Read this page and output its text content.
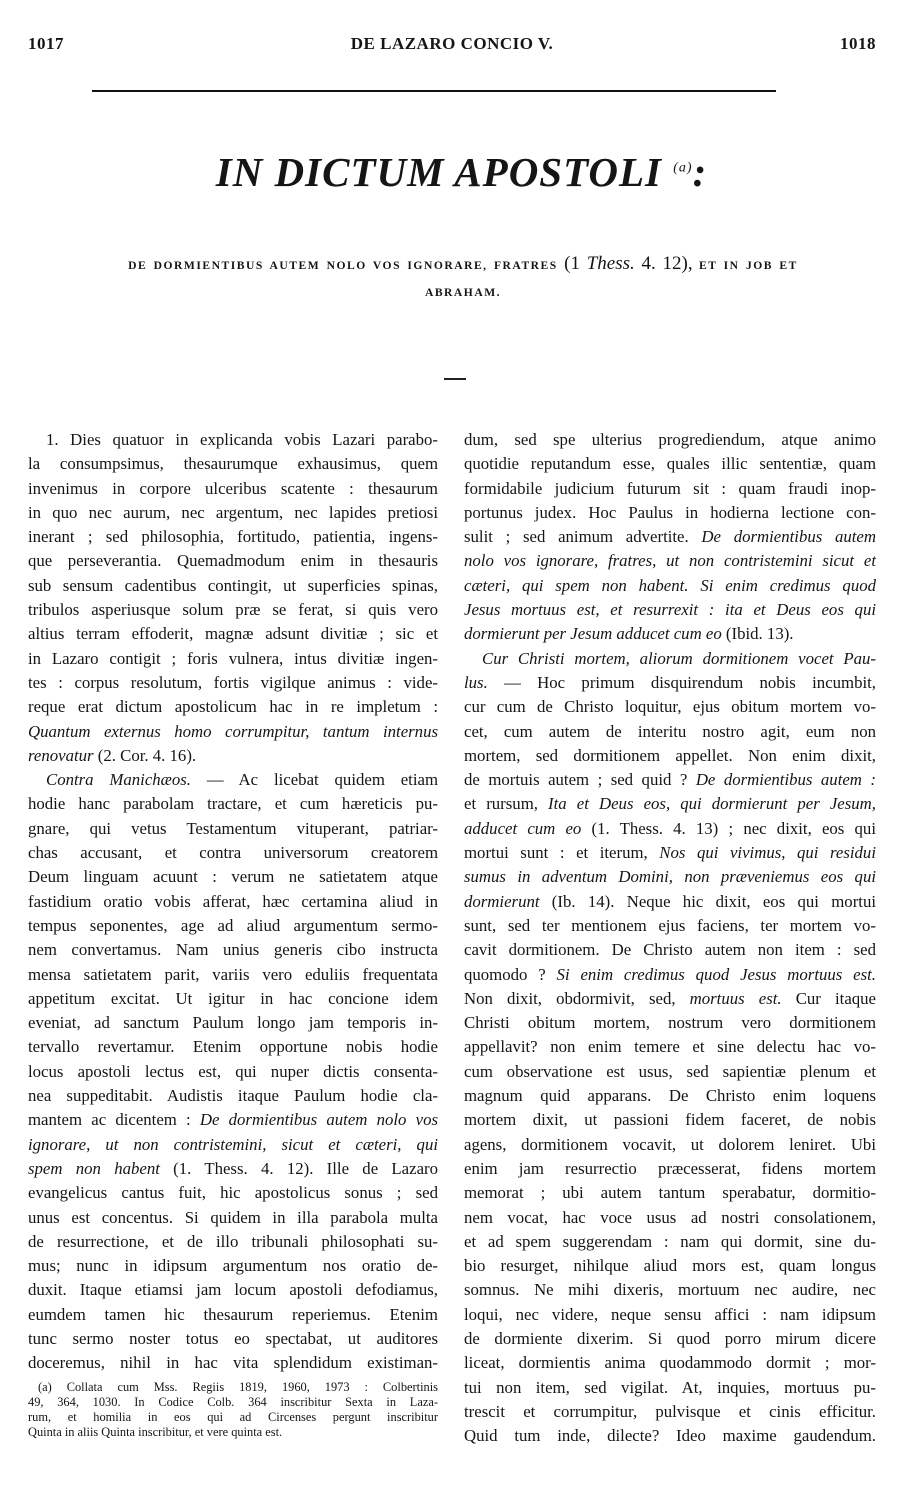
1017	DE LAZARO CONCIO V.	1018
IN DICTUM APOSTOLI $^{(a)}$:
DE DORMIENTIBUS AUTEM NOLO VOS IGNORARE, FRATRES (1 Thess. 4. 12), ET IN JOB ET
ABRAHAM.
1. Dies quatuor in explicanda vobis Lazari parabo-
la consumpsimus, thesaurumque exhausimus, quem
invenimus in corpore ulceribus scatente : thesaurum
in quo nec aurum, nec argentum, nec lapides pretiosi
inerant ; sed philosophia, fortitudo, patientia, ingens-
que perseverantia. Quemadmodum enim in thesauris
sub sensum cadentibus contingit, ut superficies spinas,
tribulos asperiusque solum præ se ferat, si quis vero
altius terram effoderit, magnæ adsunt divitiæ ; sic et
in Lazaro contigit ; foris vulnera, intus divitiæ ingen-
tes : corpus resolutum, fortis vigilque animus : vide-
reque erat dictum apostolicum hac in re impletum :
Quantum externus homo corrumpitur, tantum internus
renovatur (2. Cor. 4. 16).
Contra Manichæos. — Ac licebat quidem etiam
hodie hanc parabolam tractare, et cum hæreticis pu-
gnare, qui vetus Testamentum vituperant, patriar-
chas accusant, et contra universorum creatorem
Deum linguam acuunt : verum ne satietatem atque
fastidium oratio vobis afferat, hæc certamina aliud in
tempus seponentes, age ad aliud argumentum sermo-
nem convertamus. Nam unius generis cibo instructa
mensa satietatem parit, variis vero eduliis frequentata
appetitum excitat. Ut igitur in hac concione idem
eveniat, ad sanctum Paulum longo jam temporis in-
tervallo revertamur. Etenim opportune nobis hodie
locus apostoli lectus est, qui nuper dictis consenta-
nea suppeditabit. Audistis itaque Paulum hodie cla-
mantem ac dicentem : De dormientibus autem nolo vos
ignorare, ut non contristemini, sicut et cæteri, qui
spem non habent (1. Thess. 4. 12). Ille de Lazaro
evangelicus cantus fuit, hic apostolicus sonus ; sed
unus est concentus. Si quidem in illa parabola multa
de resurrectione, et de illo tribunali philosophati su-
mus; nunc in idipsum argumentum nos oratio de-
duxit. Itaque etiamsi jam locum apostoli defodiamus,
eumdem tamen hic thesaurum reperiemus. Etenim
tunc sermo noster totus eo spectabat, ut auditores
doceremus, nihil in hac vita splendidum existiman-
(a) Collata cum Mss. Regiis 1819, 1960, 1973 : Colbertinis
49, 364, 1030. In Codice Colb. 364 inscribitur Sexta in Laza-
rum, et homilia in eos qui ad Circenses pergunt inscribitur
Quinta in aliis Quinta inscribitur, et vere quinta est.
dum, sed spe ulterius progrediendum, atque animo
quotidie reputandum esse, quales illic sententiæ, quam
formidabile judicium futurum sit : quam fraudi inop-
portunus judex. Hoc Paulus in hodierna lectione con-
sulit ; sed animum advertite. De dormientibus autem
nolo vos ignorare, fratres, ut non contristemini sicut et
cæteri, qui spem non habent. Si enim credimus quod
Jesus mortuus est, et resurrexit : ita et Deus eos qui
dormierunt per Jesum adducet cum eo (Ibid. 13).
Cur Christi mortem, aliorum dormitionem vocet Pau-
lus. — Hoc primum disquirendum nobis incumbit,
cur cum de Christo loquitur, ejus obitum mortem vo-
cet, cum autem de interitu nostro agit, eum non
mortem, sed dormitionem appellet. Non enim dixit,
de mortuis autem ; sed quid ? De dormientibus autem :
et rursum, Ita et Deus eos, qui dormierunt per Jesum,
adducet cum eo (1. Thess. 4. 13) ; nec dixit, eos qui
mortui sunt : et iterum, Nos qui vivimus, qui residui
sumus in adventum Domini, non præveniemus eos qui
dormierunt (Ib. 14). Neque hic dixit, eos qui mortui
sunt, sed ter mentionem ejus faciens, ter mortem vo-
cavit dormitionem. De Christo autem non item : sed
quomodo ? Si enim credimus quod Jesus mortuus est.
Non dixit, obdormivit, sed, mortuus est. Cur itaque
Christi obitum mortem, nostrum vero dormitionem
appellavit? non enim temere et sine delectu hac vo-
cum observatione est usus, sed sapientiæ plenum et
magnum quid apparans. De Christo enim loquens
mortem dixit, ut passioni fidem faceret, de nobis
agens, dormitionem vocavit, ut dolorem leniret. Ubi
enim jam resurrectio præcesserat, fidens mortem
memorat ; ubi autem tantum sperabatur, dormitio-
nem vocat, hac voce usus ad nostri consolationem,
et ad spem suggerendam : nam qui dormit, sine du-
bio resurget, nihilque aliud mors est, quam longus
somnus. Ne mihi dixeris, mortuum nec audire, nec
loqui, nec videre, neque sensu affici : nam idipsum
de dormiente dixerim. Si quod porro mirum dicere
liceat, dormientis anima quodammodo dormit ; mor-
tui non item, sed vigilat. At, inquies, mortuus pu-
trescit et corrumpitur, pulvisque et cinis efficitur.
Quid tum inde, dilecte? Ideo maxime gaudendum.
